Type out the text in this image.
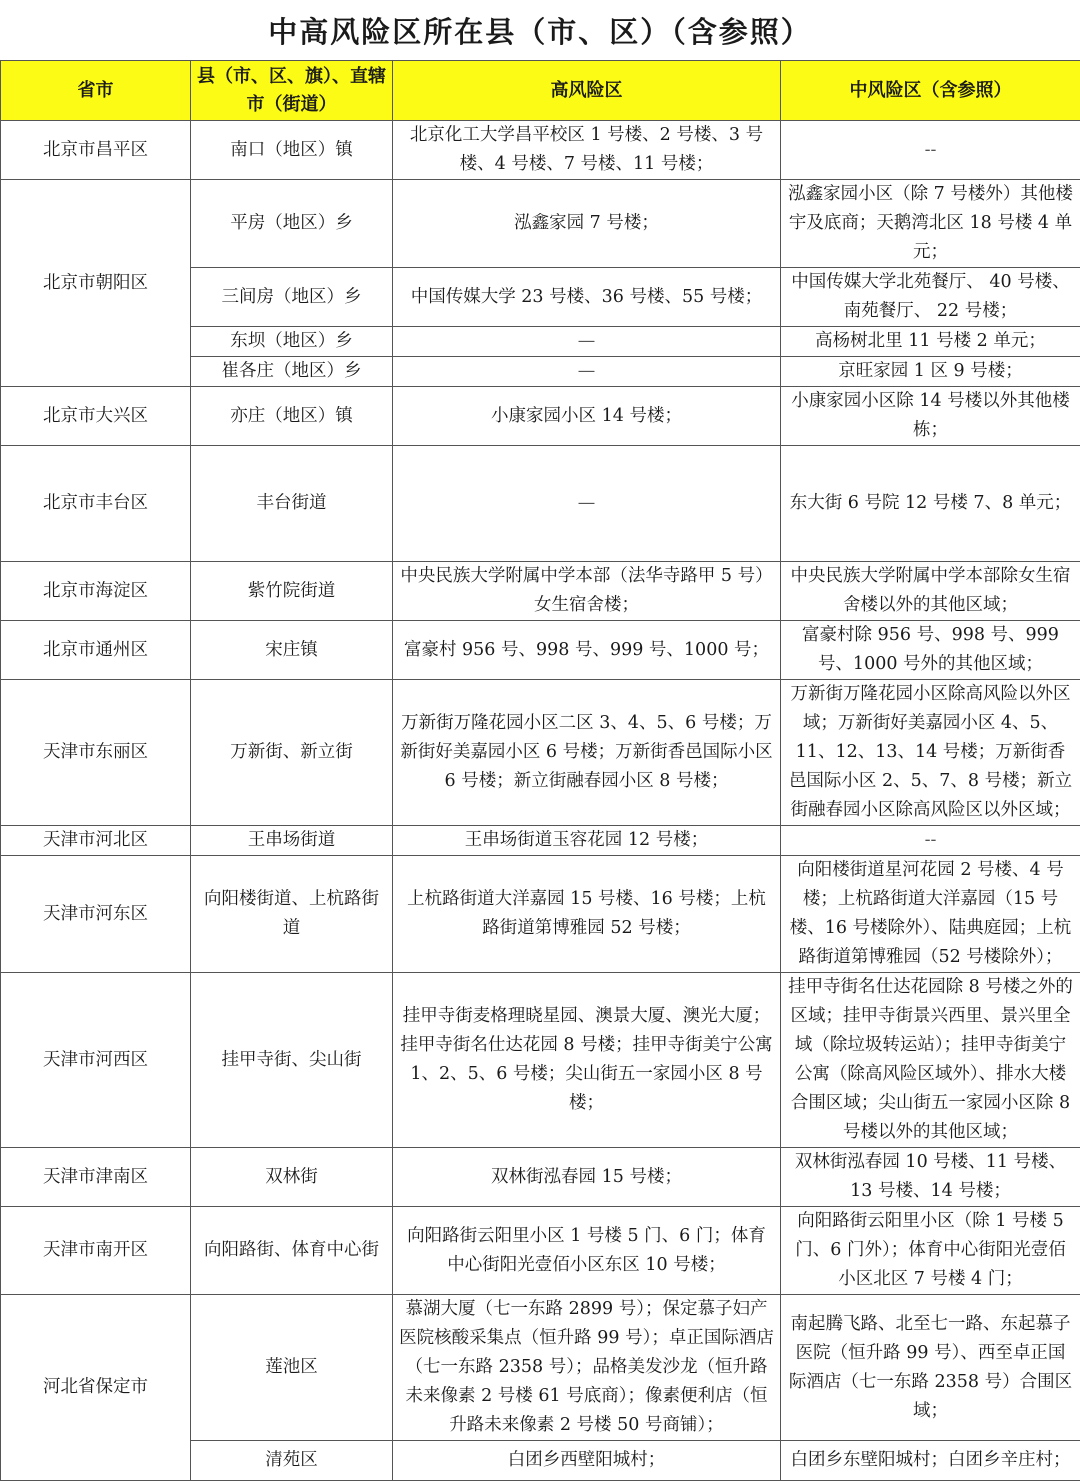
中高风险区所在县（市、区）（含参照）
省市	县（市、区、旗）、直辖市（街道）	高风险区	中风险区（含参照）
北京市昌平区	南口（地区）镇	北京化工大学昌平校区 1 号楼、2 号楼、3 号楼、4 号楼、7 号楼、11 号楼；	--
北京市朝阳区	平房（地区）乡	泓鑫家园 7 号楼；	泓鑫家园小区（除 7 号楼外）其他楼宇及底商；天鹅湾北区 18 号楼 4 单元；
	三间房（地区）乡	中国传媒大学 23 号楼、36 号楼、55 号楼；	中国传媒大学北苑餐厅、 40 号楼、南苑餐厅、 22 号楼；
	东坝（地区）乡	—	高杨树北里 11 号楼 2 单元；
	崔各庄（地区）乡	—	京旺家园 1 区 9 号楼；
北京市大兴区	亦庄（地区）镇	小康家园小区 14 号楼；	小康家园小区除 14 号楼以外其他楼栋；
北京市丰台区	丰台街道	—	东大街 6 号院 12 号楼 7、8 单元；
北京市海淀区	紫竹院街道	中央民族大学附属中学本部（法华寺路甲 5 号）女生宿舍楼；	中央民族大学附属中学本部除女生宿舍楼以外的其他区域；
北京市通州区	宋庄镇	富豪村 956 号、998 号、999 号、1000 号；	富豪村除 956 号、998 号、999 号、1000 号外的其他区域；
天津市东丽区	万新街、新立街	万新街万隆花园小区二区 3、4、5、6 号楼；万新街好美嘉园小区 6 号楼；万新街香邑国际小区 6 号楼；新立街融春园小区 8 号楼；	万新街万隆花园小区除高风险以外区域；万新街好美嘉园小区 4、5、11、12、13、14 号楼；万新街香邑国际小区 2、5、7、8 号楼；新立街融春园小区除高风险区以外区域；
天津市河北区	王串场街道	王串场街道玉容花园 12 号楼；	--
天津市河东区	向阳楼街道、上杭路街道	上杭路街道大洋嘉园 15 号楼、16 号楼；上杭路街道第博雅园 52 号楼；	向阳楼街道星河花园 2 号楼、4 号楼；上杭路街道大洋嘉园（15 号楼、16 号楼除外）、陆典庭园；上杭路街道第博雅园（52 号楼除外）；
天津市河西区	挂甲寺街、尖山街	挂甲寺街麦格理晓星园、澳景大厦、澳光大厦；挂甲寺街名仕达花园 8 号楼；挂甲寺街美宁公寓 1、2、5、6 号楼；尖山街五一家园小区 8 号楼；	挂甲寺街名仕达花园除 8 号楼之外的区域；挂甲寺街景兴西里、景兴里全域（除垃圾转运站）；挂甲寺街美宁公寓（除高风险区域外）、排水大楼合围区域；尖山街五一家园小区除 8 号楼以外的其他区域；
天津市津南区	双林街	双林街泓春园 15 号楼；	双林街泓春园 10 号楼、11 号楼、13 号楼、14 号楼；
天津市南开区	向阳路街、体育中心街	向阳路街云阳里小区 1 号楼 5 门、6 门；体育中心街阳光壹佰小区东区 10 号楼；	向阳路街云阳里小区（除 1 号楼 5 门、6 门外）；体育中心街阳光壹佰小区北区 7 号楼 4 门；
河北省保定市	莲池区	慕湖大厦（七一东路 2899 号）；保定慕子妇产医院核酸采集点（恒升路 99 号）；卓正国际酒店（七一东路 2358 号）；品格美发沙龙（恒升路未来像素 2 号楼 61 号底商）；像素便利店（恒升路未来像素 2 号楼 50 号商铺）；	南起腾飞路、北至七一路、东起慕子医院（恒升路 99 号）、西至卓正国际酒店（七一东路 2358 号）合围区域；
	清苑区	白团乡西壁阳城村；	白团乡东壁阳城村；白团乡辛庄村；
